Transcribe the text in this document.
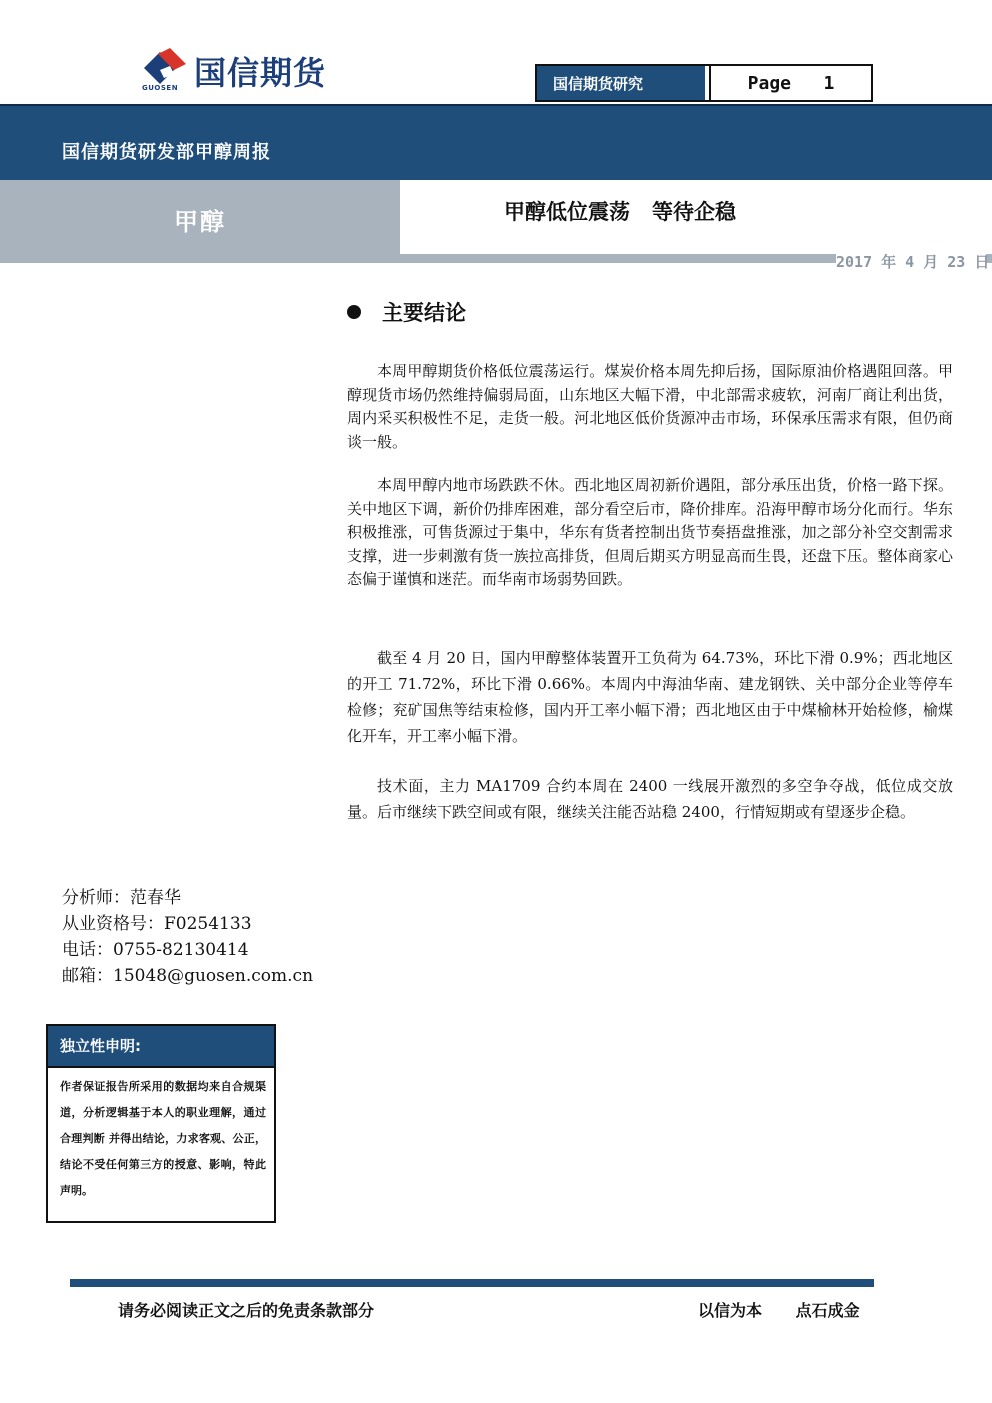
国信期货
GUOSEN	国信期货研究	Page   1
国信期货研发部甲醇周报
甲醇	甲醇低位震荡   等待企稳
2017 年 4 月 23 日
主要结论

本周甲醇期货价格低位震荡运行。煤炭价格本周先抑后扬，国际原油价格遇阻回落。甲醇现货市场仍然维持偏弱局面，山东地区大幅下滑，中北部需求疲软，河南厂商让利出货，周内采买积极性不足，走货一般。河北地区低价货源冲击市场，环保承压需求有限，但仍商谈一般。

本周甲醇内地市场跌跌不休。西北地区周初新价遇阻，部分承压出货，价格一路下探。关中地区下调，新价仍排库困难，部分看空后市，降价排库。沿海甲醇市场分化而行。华东积极推涨，可售货源过于集中，华东有货者控制出货节奏捂盘推涨，加之部分补空交割需求支撑，进一步刺激有货一族拉高排货，但周后期买方明显高而生畏，还盘下压。整体商家心态偏于谨慎和迷茫。而华南市场弱势回跌。

截至 4 月 20 日，国内甲醇整体装置开工负荷为 64.73%，环比下滑 0.9%；西北地区的开工 71.72%，环比下滑 0.66%。本周内中海油华南、建龙钢铁、关中部分企业等停车检修；兖矿国焦等结束检修，国内开工率小幅下滑；西北地区由于中煤榆林开始检修，榆煤化开车，开工率小幅下滑。

技术面，主力 MA1709 合约本周在 2400 一线展开激烈的多空争夺战，低位成交放量。后市继续下跌空间或有限，继续关注能否站稳 2400，行情短期或有望逐步企稳。

分析师：范春华
从业资格号：F0254133
电话：0755-82130414
邮箱：15048@guosen.com.cn
独立性申明:
作者保证报告所采用的数据均来自合规渠道，分析逻辑基于本人的职业理解，通过合理判断 并得出结论，力求客观、公正，结论不受任何第三方的授意、影响，特此声明。
请务必阅读正文之后的免责条款部分	以信为本 点石成金
